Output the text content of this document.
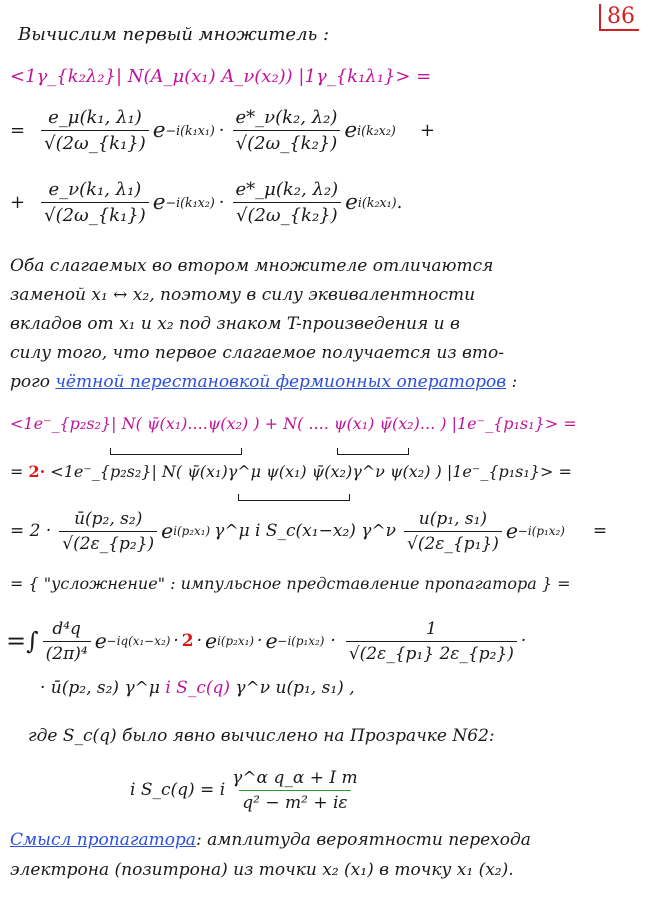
86
Вычислим первый множитель :
<1γ_{k₂λ₂}| N(A_μ(x₁) A_ν(x₂)) |1γ_{k₁λ₁}> =
= $\frac{\text{e\_μ(k₁, λ₁)}}{\text{√(2ω\_\{k₁\})}}$ $e -i(k_1x_1) \cdot \frac{\text{e*\_ν(k₂, λ₂)}}{\text{√(2ω\_\{k₂\})}}$ e i(k₂x₂) +
+ $\frac{\text{e\_ν(k₁, λ₁)}}{\text{√(2ω\_\{k₁\})}}$ $e -i(k_1x_2) \cdot \frac{\text{e*\_μ(k₂, λ₂)}}{\text{√(2ω\_\{k₂\})}}$ e i(k₂x₁) .
Оба слагаемых во втором множителе отличаются
заменой x₁ ↔ x₂, поэтому в силу эквивалентности
вкладов от x₁ и x₂ под знаком T-произведения и в
силу того, что первое слагаемое получается из вто-
рого чётной перестановкой фермионных операторов :
<1e⁻_{p₂s₂}| N( ψ̄(x₁)....ψ(x₂) ) + N( .... ψ(x₁) ψ̄(x₂)... ) |1e⁻_{p₁s₁}> =

= 2· <1e⁻_{p₂s₂}| N( ψ̄(x₁)γ^μ ψ(x₁) ψ̄(x₂)γ^ν ψ(x₂) ) |1e⁻_{p₁s₁}> =
= $2 \cdot \frac{\text{ū(p₂, s₂)}}{\text{√(2ε\_\{p₂\})}}$ e i(p₂x₁) γ^μ i S_c(x₁−x₂) γ^ν $\frac{\text{u(p₁, s₁)}}{\text{√(2ε\_\{p₁\})}}$ e −i(p₁x₂) =
= { "усложнение" : импульсное представление пропагатора } =
=∫ $\frac{\text{d⁴q}}{\text{(2π)⁴}}$ e −iq(x₁−x₂) · 2 · e $i(p_2x_1) \cdot e -i(p_1x_2) \cdot \frac{1}{\text{√(2ε\_\{p₁\} 2ε\_\{p₂\})}}$ ·
· ū(p₂, s₂) γ^μ i S_c(q) γ^ν u(p₁, s₁) ,
где S_c(q) было явно вычислено на Прозрачке N62:
i S_c(q) = i $\frac{\text{γ\textasciicircum{}α q\_α + I m}}{\text{q² − m² + iε}}$
Смысл пропагатора: амплитуда вероятности перехода
электрона (позитрона) из точки x₂ (x₁) в точку x₁ (x₂).
